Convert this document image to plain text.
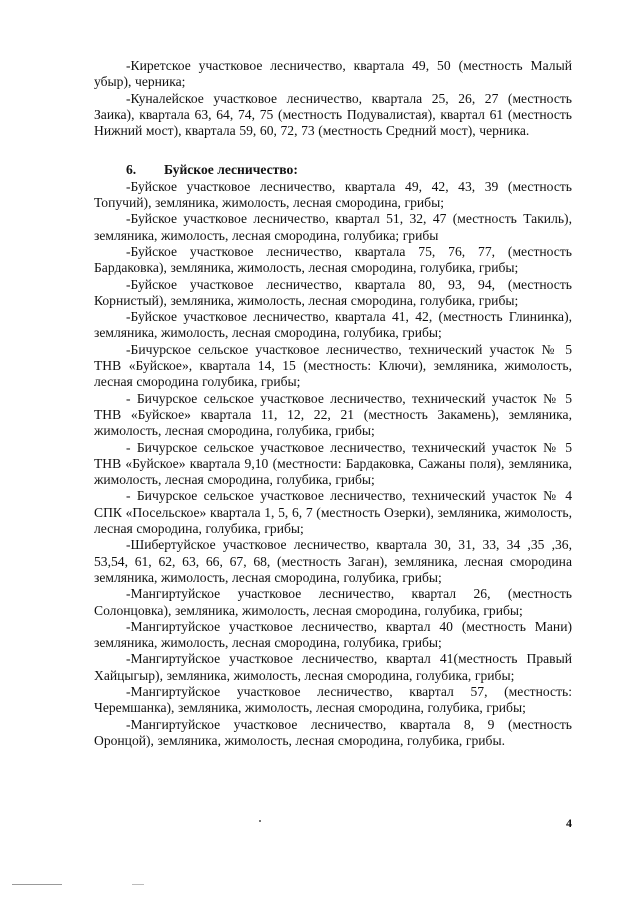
-Киретское участковое лесничество, квартала 49, 50 (местность Малый убыр), черника;

-Куналейское участковое лесничество, квартала 25, 26, 27 (местность Заика), квартала 63, 64, 74, 75 (местность Подувалистая), квартал 61 (местность Нижний мост), квартала 59, 60, 72, 73 (местность Средний мост), черника.

6. Буйское лесничество:

-Буйское участковое лесничество, квартала 49, 42, 43, 39 (местность Топучий), земляника, жимолость, лесная смородина, грибы;

-Буйское участковое лесничество, квартал 51, 32, 47 (местность Такиль), земляника, жимолость, лесная смородина, голубика; грибы

-Буйское участковое лесничество, квартала 75, 76, 77, (местность Бардаковка), земляника, жимолость, лесная смородина, голубика, грибы;

-Буйское участковое лесничество, квартала 80, 93, 94, (местность Корнистый), земляника, жимолость, лесная смородина, голубика, грибы;

-Буйское участковое лесничество, квартала 41, 42, (местность Глининка), земляника, жимолость, лесная смородина, голубика, грибы;

-Бичурское сельское участковое лесничество, технический участок № 5 ТНВ «Буйское», квартала 14, 15 (местность: Ключи), земляника, жимолость, лесная смородина голубика, грибы;

- Бичурское сельское участковое лесничество, технический участок № 5 ТНВ «Буйское» квартала 11, 12, 22, 21 (местность Закамень), земляника, жимолость, лесная смородина, голубика, грибы;

- Бичурское сельское участковое лесничество, технический участок № 5 ТНВ «Буйское» квартала 9,10 (местности: Бардаковка, Сажаны поля), земляника, жимолость, лесная смородина, голубика, грибы;

- Бичурское сельское участковое лесничество, технический участок № 4 СПК «Посельское» квартала 1, 5, 6, 7 (местность Озерки), земляника, жимолость, лесная смородина, голубика, грибы;

-Шибертуйское участковое лесничество, квартала 30, 31, 33, 34 ,35 ,36, 53,54, 61, 62, 63, 66, 67, 68, (местность Заган), земляника, лесная смородина земляника, жимолость, лесная смородина, голубика, грибы;

-Мангиртуйское участковое лесничество, квартал 26, (местность Солонцовка), земляника, жимолость, лесная смородина, голубика, грибы;

-Мангиртуйское участковое лесничество, квартал 40 (местность Мани) земляника, жимолость, лесная смородина, голубика, грибы;

-Мангиртуйское участковое лесничество, квартал 41(местность Правый Хайцыгыр), земляника, жимолость, лесная смородина, голубика, грибы;

-Мангиртуйское участковое лесничество, квартал 57, (местность: Черемшанка), земляника, жимолость, лесная смородина, голубика, грибы;

-Мангиртуйское участковое лесничество, квартала 8, 9 (местность Оронцой), земляника, жимолость, лесная смородина, голубика, грибы.

4
